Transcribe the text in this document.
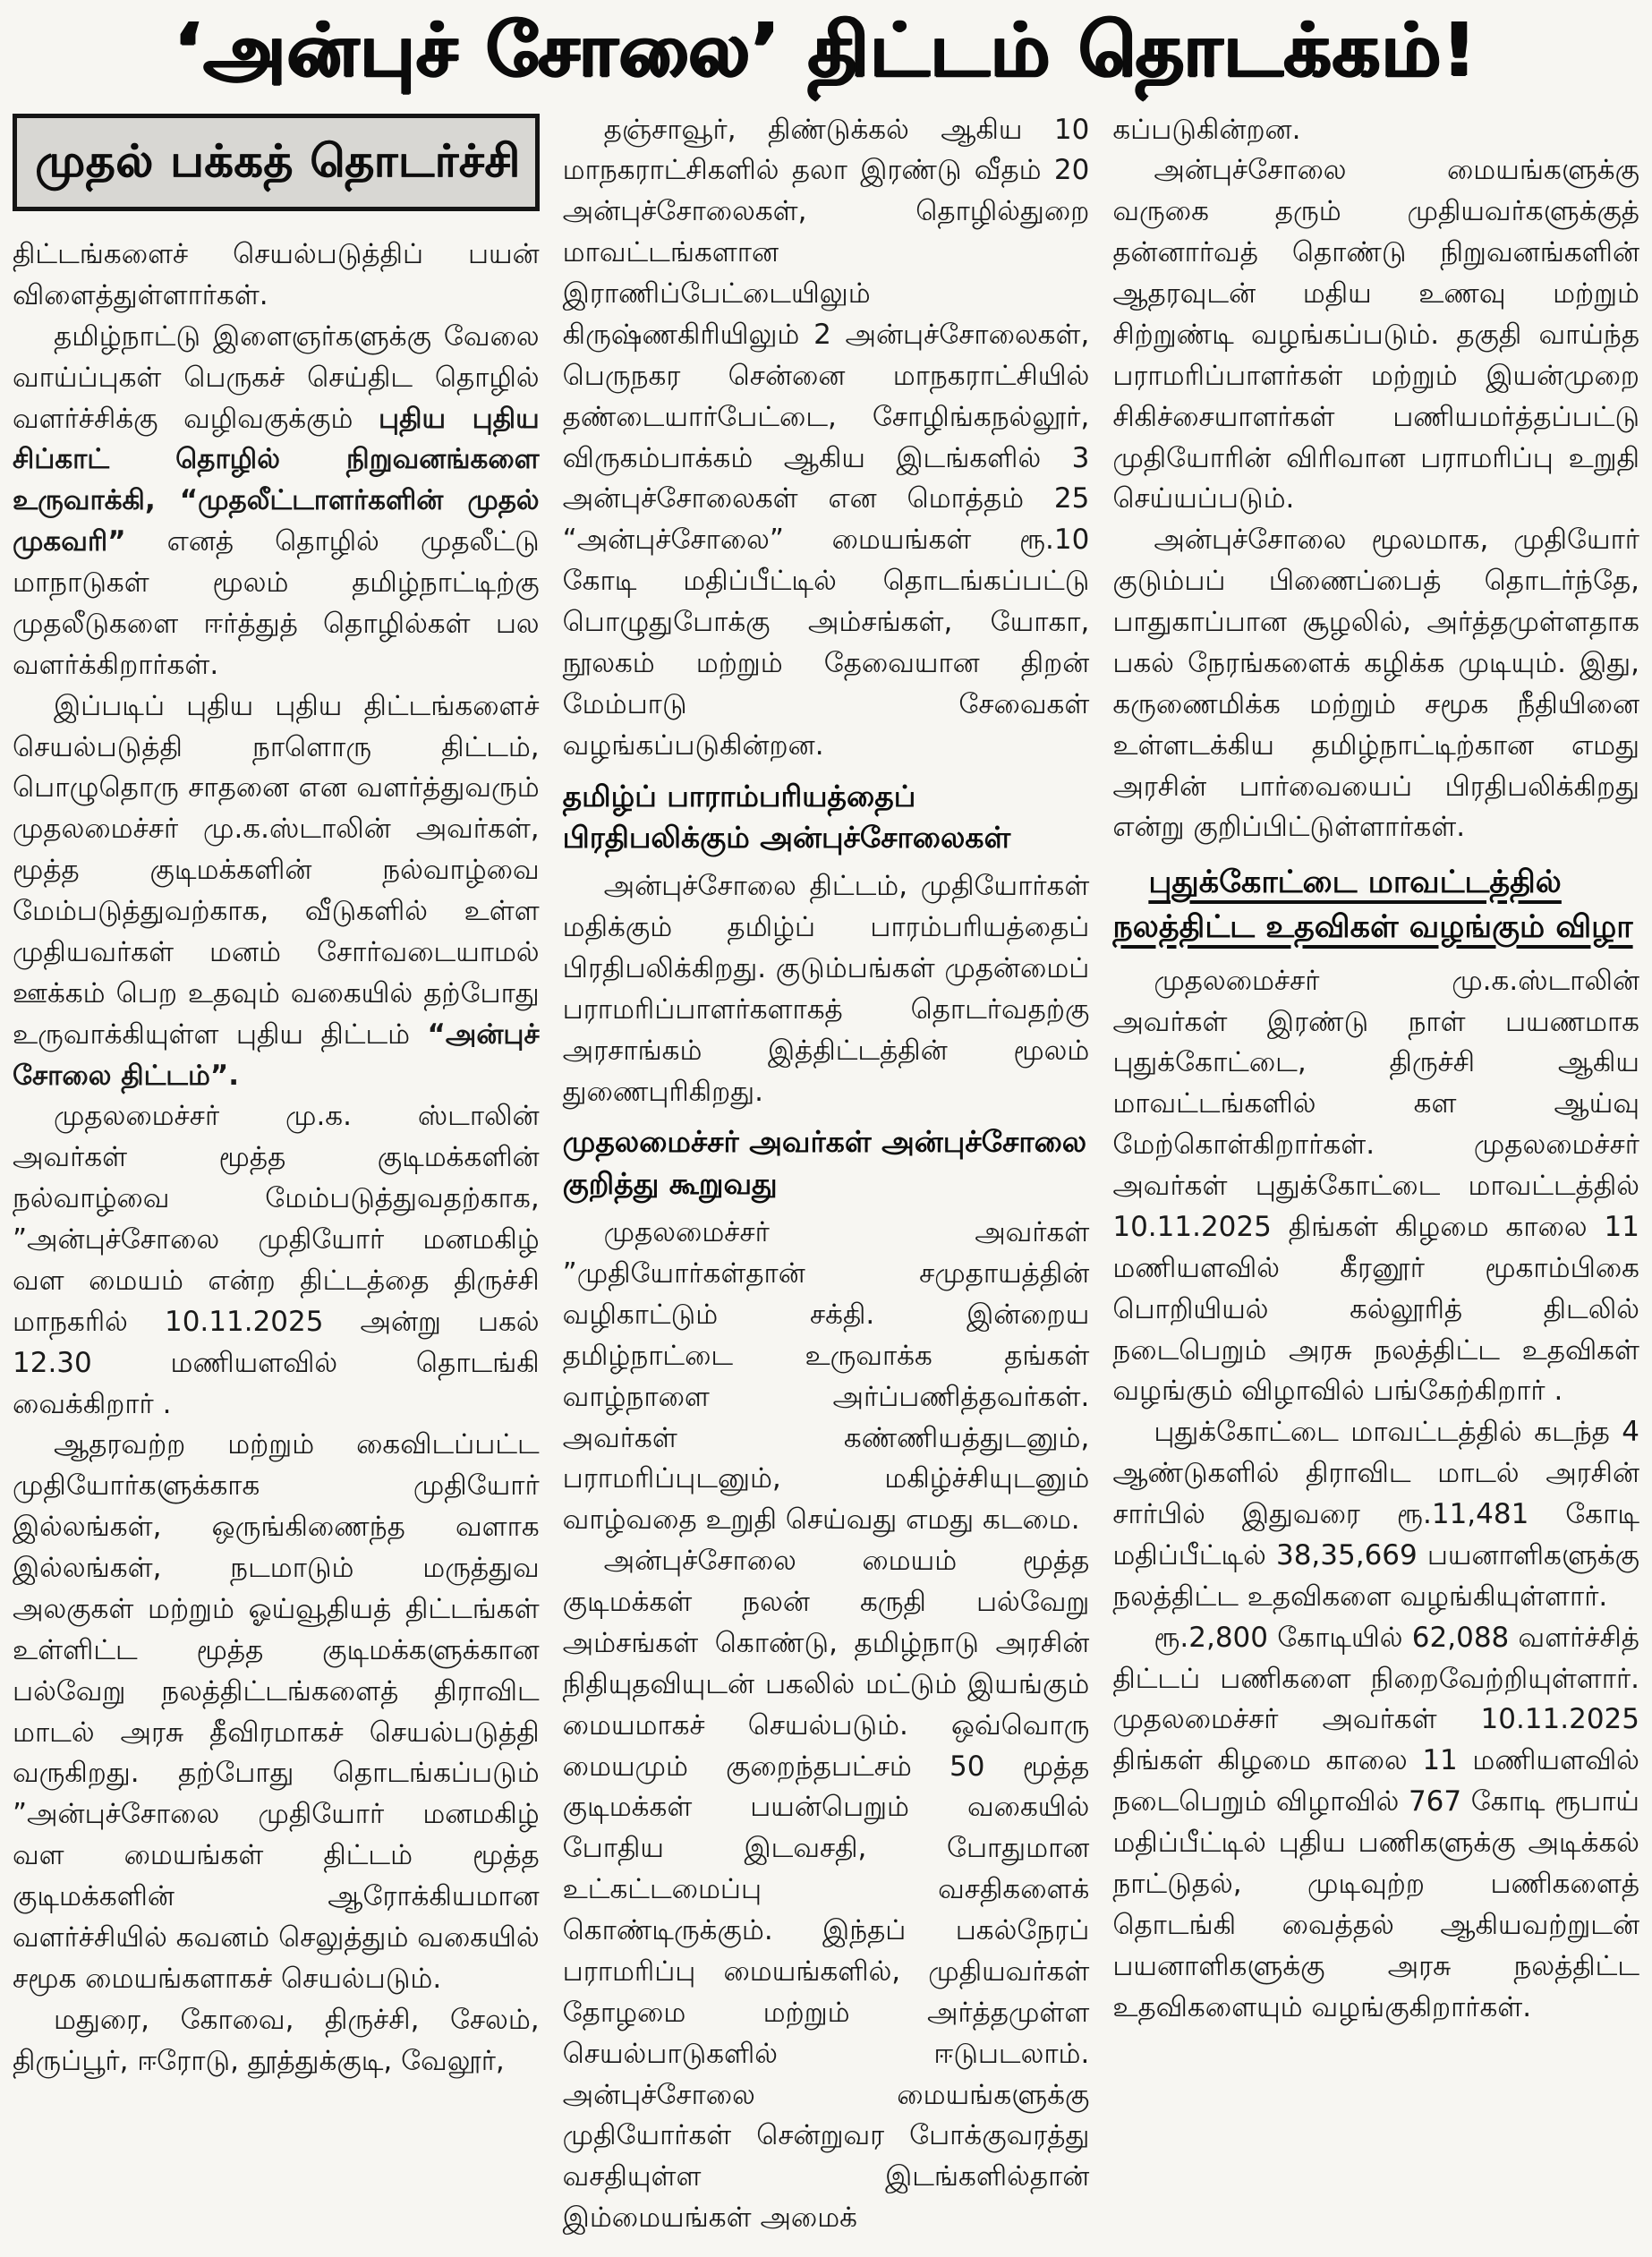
‘அன்புச் சோலை’ திட்டம் தொடக்கம்!
முதல் பக்கத் தொடர்ச்சி

திட்டங்களைச் செயல்படுத்திப் பயன் விளைத்துள்ளார்கள்.

தமிழ்நாட்டு இளைஞர்களுக்கு வேலை வாய்ப்புகள் பெருகச் செய்திட தொழில் வளர்ச்சிக்கு வழிவகுக்கும் புதிய புதிய சிப்காட் தொழில் நிறுவனங்களை உருவாக்கி, “முதலீட்டாளர்களின் முதல் முகவரி” எனத் தொழில் முதலீட்டு மாநாடுகள் மூலம் தமிழ்நாட்டிற்கு முதலீடுகளை ஈர்த்துத் தொழில்கள் பல வளர்க்கிறார்கள்.

இப்படிப் புதிய புதிய திட்டங்களைச் செயல்படுத்தி நாளொரு திட்டம், பொழுதொரு சாதனை என வளர்த்துவரும் முதலமைச்சர் மு.க.ஸ்டாலின் அவர்கள், மூத்த குடிமக்களின் நல்வாழ்வை மேம்படுத்துவற்காக, வீடுகளில் உள்ள முதியவர்கள் மனம் சோர்வடையாமல் ஊக்கம் பெற உதவும் வகையில் தற்போது உருவாக்கியுள்ள புதிய திட்டம் “அன்புச் சோலை திட்டம்”.

முதலமைச்சர் மு.க. ஸ்டாலின் அவர்கள் மூத்த குடிமக்களின் நல்வாழ்வை மேம்படுத்துவதற்காக, ”அன்புச்சோலை முதியோர் மனமகிழ் வள மையம் என்ற திட்டத்தை திருச்சி மாநகரில் 10.11.2025 அன்று பகல் 12.30 மணியளவில் தொடங்கி வைக்கிறார் .

ஆதரவற்ற மற்றும் கைவிடப்பட்ட முதியோர்களுக்காக முதியோர் இல்லங்கள், ஒருங்கிணைந்த வளாக இல்லங்கள், நடமாடும் மருத்துவ அலகுகள் மற்றும் ஓய்வூதியத் திட்டங்கள் உள்ளிட்ட மூத்த குடிமக்களுக்கான பல்வேறு நலத்திட்டங்களைத் திராவிட மாடல் அரசு தீவிரமாகச் செயல்படுத்தி வருகிறது. தற்போது தொடங்கப்படும் ”அன்புச்சோலை முதியோர் மனமகிழ் வள மையங்கள் திட்டம் மூத்த குடிமக்களின் ஆரோக்கியமான வளர்ச்சியில் கவனம் செலுத்தும் வகையில் சமூக மையங்களாகச் செயல்படும்.

மதுரை, கோவை, திருச்சி, சேலம், திருப்பூர், ஈரோடு, தூத்துக்குடி, வேலூர்,

தஞ்சாவூர், திண்டுக்கல் ஆகிய 10 மாநகராட்சிகளில் தலா இரண்டு வீதம் 20 அன்புச்சோலைகள், தொழில்துறை மாவட்டங்களான இராணிப்பேட்டையிலும் கிருஷ்ணகிரியிலும் 2 அன்புச்சோலைகள், பெருநகர சென்னை மாநகராட்சியில் தண்டையார்பேட்டை, சோழிங்கநல்லூர், விருகம்பாக்கம் ஆகிய இடங்களில் 3 அன்புச்சோலைகள் என மொத்தம் 25 “அன்புச்சோலை” மையங்கள் ரூ.10 கோடி மதிப்பீட்டில் தொடங்கப்பட்டு பொழுதுபோக்கு அம்சங்கள், யோகா, நூலகம் மற்றும் தேவையான திறன் மேம்பாடு சேவைகள் வழங்கப்படுகின்றன.

தமிழ்ப் பாராம்பரியத்தைப் பிரதிபலிக்கும் அன்புச்சோலைகள்

அன்புச்சோலை திட்டம், முதியோர்கள் மதிக்கும் தமிழ்ப் பாரம்பரியத்தைப் பிரதிபலிக்கிறது. குடும்பங்கள் முதன்மைப் பராமரிப்பாளர்களாகத் தொடர்வதற்கு அரசாங்கம் இத்திட்டத்தின் மூலம் துணைபுரிகிறது.

முதலமைச்சர் அவர்கள் அன்புச்சோலை குறித்து கூறுவது

முதலமைச்சர் அவர்கள் ”முதியோர்கள்தான் சமுதாயத்தின் வழிகாட்டும் சக்தி. இன்றைய தமிழ்நாட்டை உருவாக்க தங்கள் வாழ்நாளை அர்ப்பணித்தவர்கள். அவர்கள் கண்ணியத்துடனும், பராமரிப்புடனும், மகிழ்ச்சியுடனும் வாழ்வதை உறுதி செய்வது எமது கடமை.

அன்புச்சோலை மையம் மூத்த குடிமக்கள் நலன் கருதி பல்வேறு அம்சங்கள் கொண்டு, தமிழ்நாடு அரசின் நிதியுதவியுடன் பகலில் மட்டும் இயங்கும் மையமாகச் செயல்படும். ஒவ்வொரு மையமும் குறைந்தபட்சம் 50 மூத்த குடிமக்கள் பயன்பெறும் வகையில் போதிய இடவசதி, போதுமான உட்கட்டமைப்பு வசதிகளைக் கொண்டிருக்கும். இந்தப் பகல்நேரப் பராமரிப்பு மையங்களில், முதியவர்கள் தோழமை மற்றும் அர்த்தமுள்ள செயல்பாடுகளில் ஈடுபடலாம். அன்புச்சோலை மையங்களுக்கு முதியோர்கள் சென்றுவர போக்குவரத்து வசதியுள்ள இடங்களில்தான் இம்மையங்கள் அமைக்

கப்படுகின்றன.

அன்புச்சோலை மையங்களுக்கு வருகை தரும் முதியவர்களுக்குத் தன்னார்வத் தொண்டு நிறுவனங்களின் ஆதரவுடன் மதிய உணவு மற்றும் சிற்றுண்டி வழங்கப்படும். தகுதி வாய்ந்த பராமரிப்பாளர்கள் மற்றும் இயன்முறை சிகிச்சையாளர்கள் பணியமர்த்தப்பட்டு முதியோரின் விரிவான பராமரிப்பு உறுதி செய்யப்படும்.

அன்புச்சோலை மூலமாக, முதியோர் குடும்பப் பிணைப்பைத் தொடர்ந்தே, பாதுகாப்பான சூழலில், அர்த்தமுள்ளதாக பகல் நேரங்களைக் கழிக்க முடியும். இது, கருணைமிக்க மற்றும் சமூக நீதியினை உள்ளடக்கிய தமிழ்நாட்டிற்கான எமது அரசின் பார்வையைப் பிரதிபலிக்கிறது என்று குறிப்பிட்டுள்ளார்கள்.

புதுக்கோட்டை மாவட்டத்தில் நலத்திட்ட உதவிகள் வழங்கும் விழா

முதலமைச்சர் மு.க.ஸ்டாலின் அவர்கள் இரண்டு நாள் பயணமாக புதுக்கோட்டை, திருச்சி ஆகிய மாவட்டங்களில் கள ஆய்வு மேற்கொள்கிறார்கள். முதலமைச்சர் அவர்கள் புதுக்கோட்டை மாவட்டத்தில் 10.11.2025 திங்கள் கிழமை காலை 11 மணியளவில் கீரனூர் மூகாம்பிகை பொறியியல் கல்லூரித் திடலில் நடைபெறும் அரசு நலத்திட்ட உதவிகள் வழங்கும் விழாவில் பங்கேற்கிறார் .

புதுக்கோட்டை மாவட்டத்தில் கடந்த 4 ஆண்டுகளில் திராவிட மாடல் அரசின் சார்பில் இதுவரை ரூ.11,481 கோடி மதிப்பீட்டில் 38,35,669 பயனாளிகளுக்கு நலத்திட்ட உதவிகளை வழங்கியுள்ளார்.

ரூ.2,800 கோடியில் 62,088 வளர்ச்சித் திட்டப் பணிகளை நிறைவேற்றியுள்ளார். முதலமைச்சர் அவர்கள் 10.11.2025 திங்கள் கிழமை காலை 11 மணியளவில் நடைபெறும் விழாவில் 767 கோடி ரூபாய் மதிப்பீட்டில் புதிய பணிகளுக்கு அடிக்கல் நாட்டுதல், முடிவுற்ற பணிகளைத் தொடங்கி வைத்தல் ஆகியவற்றுடன் பயனாளிகளுக்கு அரசு நலத்திட்ட உதவிகளையும் வழங்குகிறார்கள்.
